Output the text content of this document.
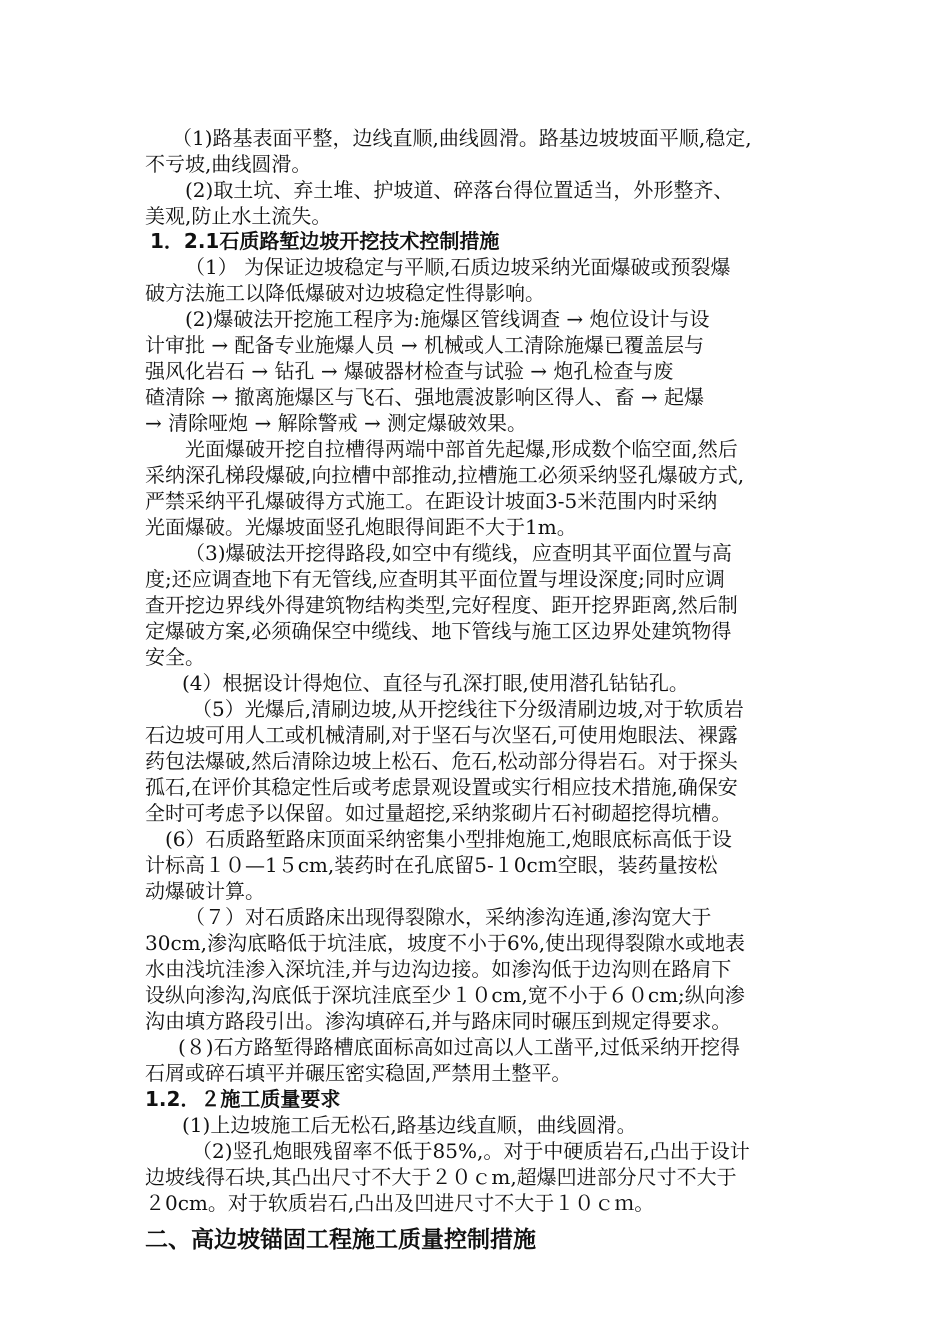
（1)路基表面平整，边线直顺,曲线圆滑。路基边坡坡面平顺,稳定,
不亏坡,曲线圆滑。
(2)取土坑、弃土堆、护坡道、碎落台得位置适当，外形整齐、
美观,防止水土流失。
1．2.1石质路堑边坡开挖技术控制措施
（1） 为保证边坡稳定与平顺,石质边坡采纳光面爆破或预裂爆
破方法施工以降低爆破对边坡稳定性得影响。
(2)爆破法开挖施工程序为:施爆区管线调查 → 炮位设计与设
计审批 → 配备专业施爆人员 → 机械或人工清除施爆已覆盖层与
强风化岩石 → 钻孔 → 爆破器材检查与试验 → 炮孔检查与废
碴清除 → 撤离施爆区与飞石、强地震波影响区得人、畜 → 起爆
→ 清除哑炮 → 解除警戒 → 测定爆破效果。
光面爆破开挖自拉槽得两端中部首先起爆,形成数个临空面,然后
采纳深孔梯段爆破,向拉槽中部推动,拉槽施工必须采纳竖孔爆破方式,
严禁采纳平孔爆破得方式施工。在距设计坡面3-5米范围内时采纳
光面爆破。光爆坡面竖孔炮眼得间距不大于1m。
（3)爆破法开挖得路段,如空中有缆线，应查明其平面位置与高
度;还应调查地下有无管线,应查明其平面位置与埋设深度;同时应调
查开挖边界线外得建筑物结构类型,完好程度、距开挖界距离,然后制
定爆破方案,必须确保空中缆线、地下管线与施工区边界处建筑物得
安全。
(4）根据设计得炮位、直径与孔深打眼,使用潜孔钻钻孔。
（5）光爆后,清刷边坡,从开挖线往下分级清刷边坡,对于软质岩
石边坡可用人工或机械清刷,对于坚石与次坚石,可使用炮眼法、裸露
药包法爆破,然后清除边坡上松石、危石,松动部分得岩石。对于探头
孤石,在评价其稳定性后或考虑景观设置或实行相应技术措施,确保安
全时可考虑予以保留。如过量超挖,采纳浆砌片石衬砌超挖得坑槽。
(6）石质路堑路床顶面采纳密集小型排炮施工,炮眼底标高低于设
计标高１０—1５cm,装药时在孔底留5-１0cｍ空眼，装药量按松
动爆破计算。
（７）对石质路床出现得裂隙水，采纳渗沟连通,渗沟宽大于
30cm,渗沟底略低于坑洼底，坡度不小于6%,使出现得裂隙水或地表
水由浅坑洼渗入深坑洼,并与边沟边接。如渗沟低于边沟则在路肩下
设纵向渗沟,沟底低于深坑洼底至少１０cm,宽不小于６０cm;纵向渗
沟由填方路段引出。渗沟填碎石,并与路床同时碾压到规定得要求。
(８)石方路堑得路槽底面标高如过高以人工凿平,过低采纳开挖得
石屑或碎石填平并碾压密实稳固,严禁用土整平。
1.2．２施工质量要求
(1)上边坡施工后无松石,路基边线直顺，曲线圆滑。
（2)竖孔炮眼残留率不低于85%,。对于中硬质岩石,凸出于设计
边坡线得石块,其凸出尺寸不大于２０ｃm,超爆凹进部分尺寸不大于
２0cm。对于软质岩石,凸出及凹进尺寸不大于１０ｃｍ。
二、高边坡锚固工程施工质量控制措施
